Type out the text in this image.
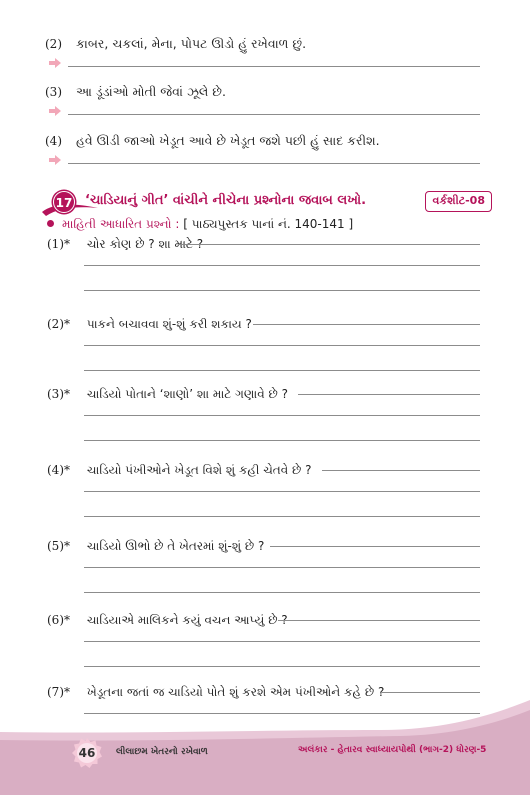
(2) કાબર, ચકલાં, મેના, પોપટ ઊડો હું રખેવાળ છું.
(3) આ ડૂંડાંઓ મોતી જેવાં ઝૂલે છે.
(4) હવે ઊડી જાઓ ખેડૂત આવે છે ખેડૂત જશે પછી હું સાદ કરીશ.
17 ‘ચાડિયાનું ગીત’ વાંચીને નીચેના પ્રશ્નોના જવાબ લખો.	વર્કશીટ-08
માહિતી આધારિત પ્રશ્નો : [ પાઠ્યપુસ્તક પાનાં નં. 140-141 ]
(1)* ચોર કોણ છે ? શા માટે ?
(2)* પાકને બચાવવા શું-શું કરી શકાય ?
(3)* ચાડિયો પોતાને ‘શાણો’ શા માટે ગણાવે છે ?
(4)* ચાડિયો પંખીઓને ખેડૂત વિશે શું કહી ચેતવે છે ?
(5)* ચાડિયો ઊભો છે તે ખેતરમાં શું-શું છે ?
(6)* ચાડિયાએ માલિકને કયું વચન આપ્યું છે ?
(7)* ખેડૂતના જતાં જ ચાડિયો પોતે શું કરશે એમ પંખીઓને કહે છે ?
46	લીલાછમ ખેતરનો રખેવાળ	અલંકાર - હેતારવ સ્વાધ્યાયપોથી (ભાગ-2) ધોરણ-5
